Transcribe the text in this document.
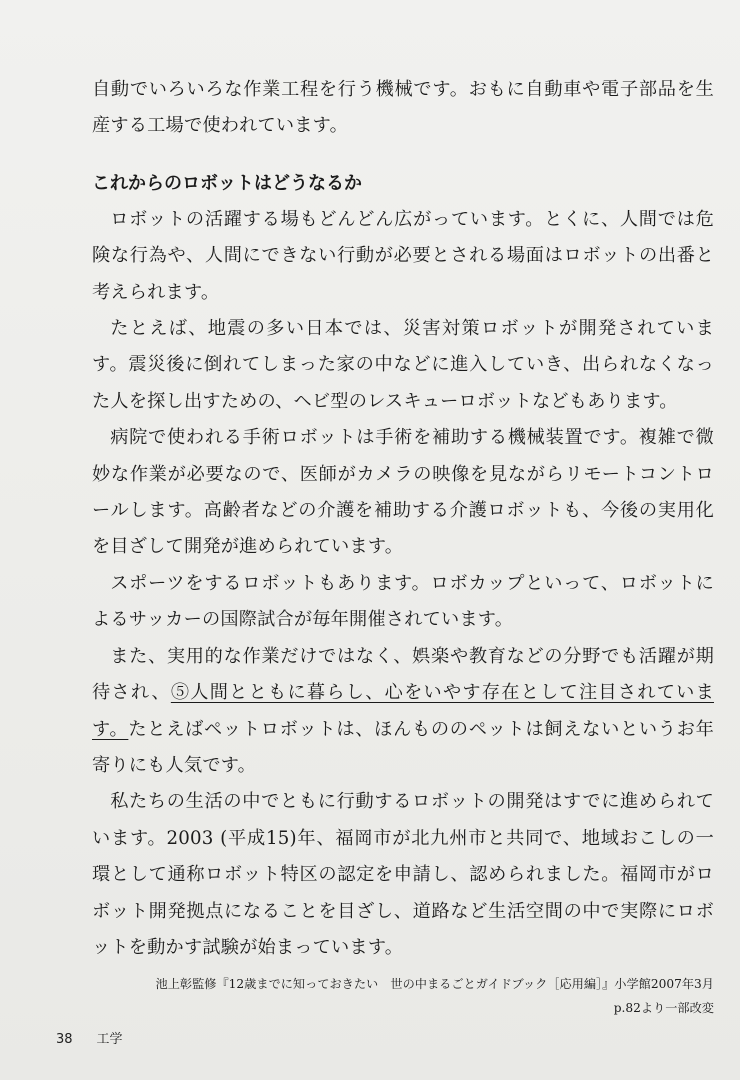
自動でいろいろな作業工程を行う機械です。おもに自動車や電子部品を生産する工場で使われています。

これからのロボットはどうなるか

ロボットの活躍する場もどんどん広がっています。とくに、人間では危険な行為や、人間にできない行動が必要とされる場面はロボットの出番と考えられます。

たとえば、地震の多い日本では、災害対策ロボットが開発されています。震災後に倒れてしまった家の中などに進入していき、出られなくなった人を探し出すための、ヘビ型のレスキューロボットなどもあります。

病院で使われる手術ロボットは手術を補助する機械装置です。複雑で微妙な作業が必要なので、医師がカメラの映像を見ながらリモートコントロールします。高齢者などの介護を補助する介護ロボットも、今後の実用化を目ざして開発が進められています。

スポーツをするロボットもあります。ロボカップといって、ロボットによるサッカーの国際試合が毎年開催されています。

また、実用的な作業だけではなく、娯楽や教育などの分野でも活躍が期待され、⑤人間とともに暮らし、心をいやす存在として注目されています。たとえばペットロボットは、ほんもののペットは飼えないというお年寄りにも人気です。

私たちの生活の中でともに行動するロボットの開発はすでに進められています。2003 (平成15)年、福岡市が北九州市と共同で、地域おこしの一環として通称ロボット特区の認定を申請し、認められました。福岡市がロボット開発拠点になることを目ざし、道路など生活空間の中で実際にロボットを動かす試験が始まっています。

池上彰監修『12歳までに知っておきたい　世の中まるごとガイドブック［応用編］』小学館2007年3月
p.82より一部改変
38 工学
